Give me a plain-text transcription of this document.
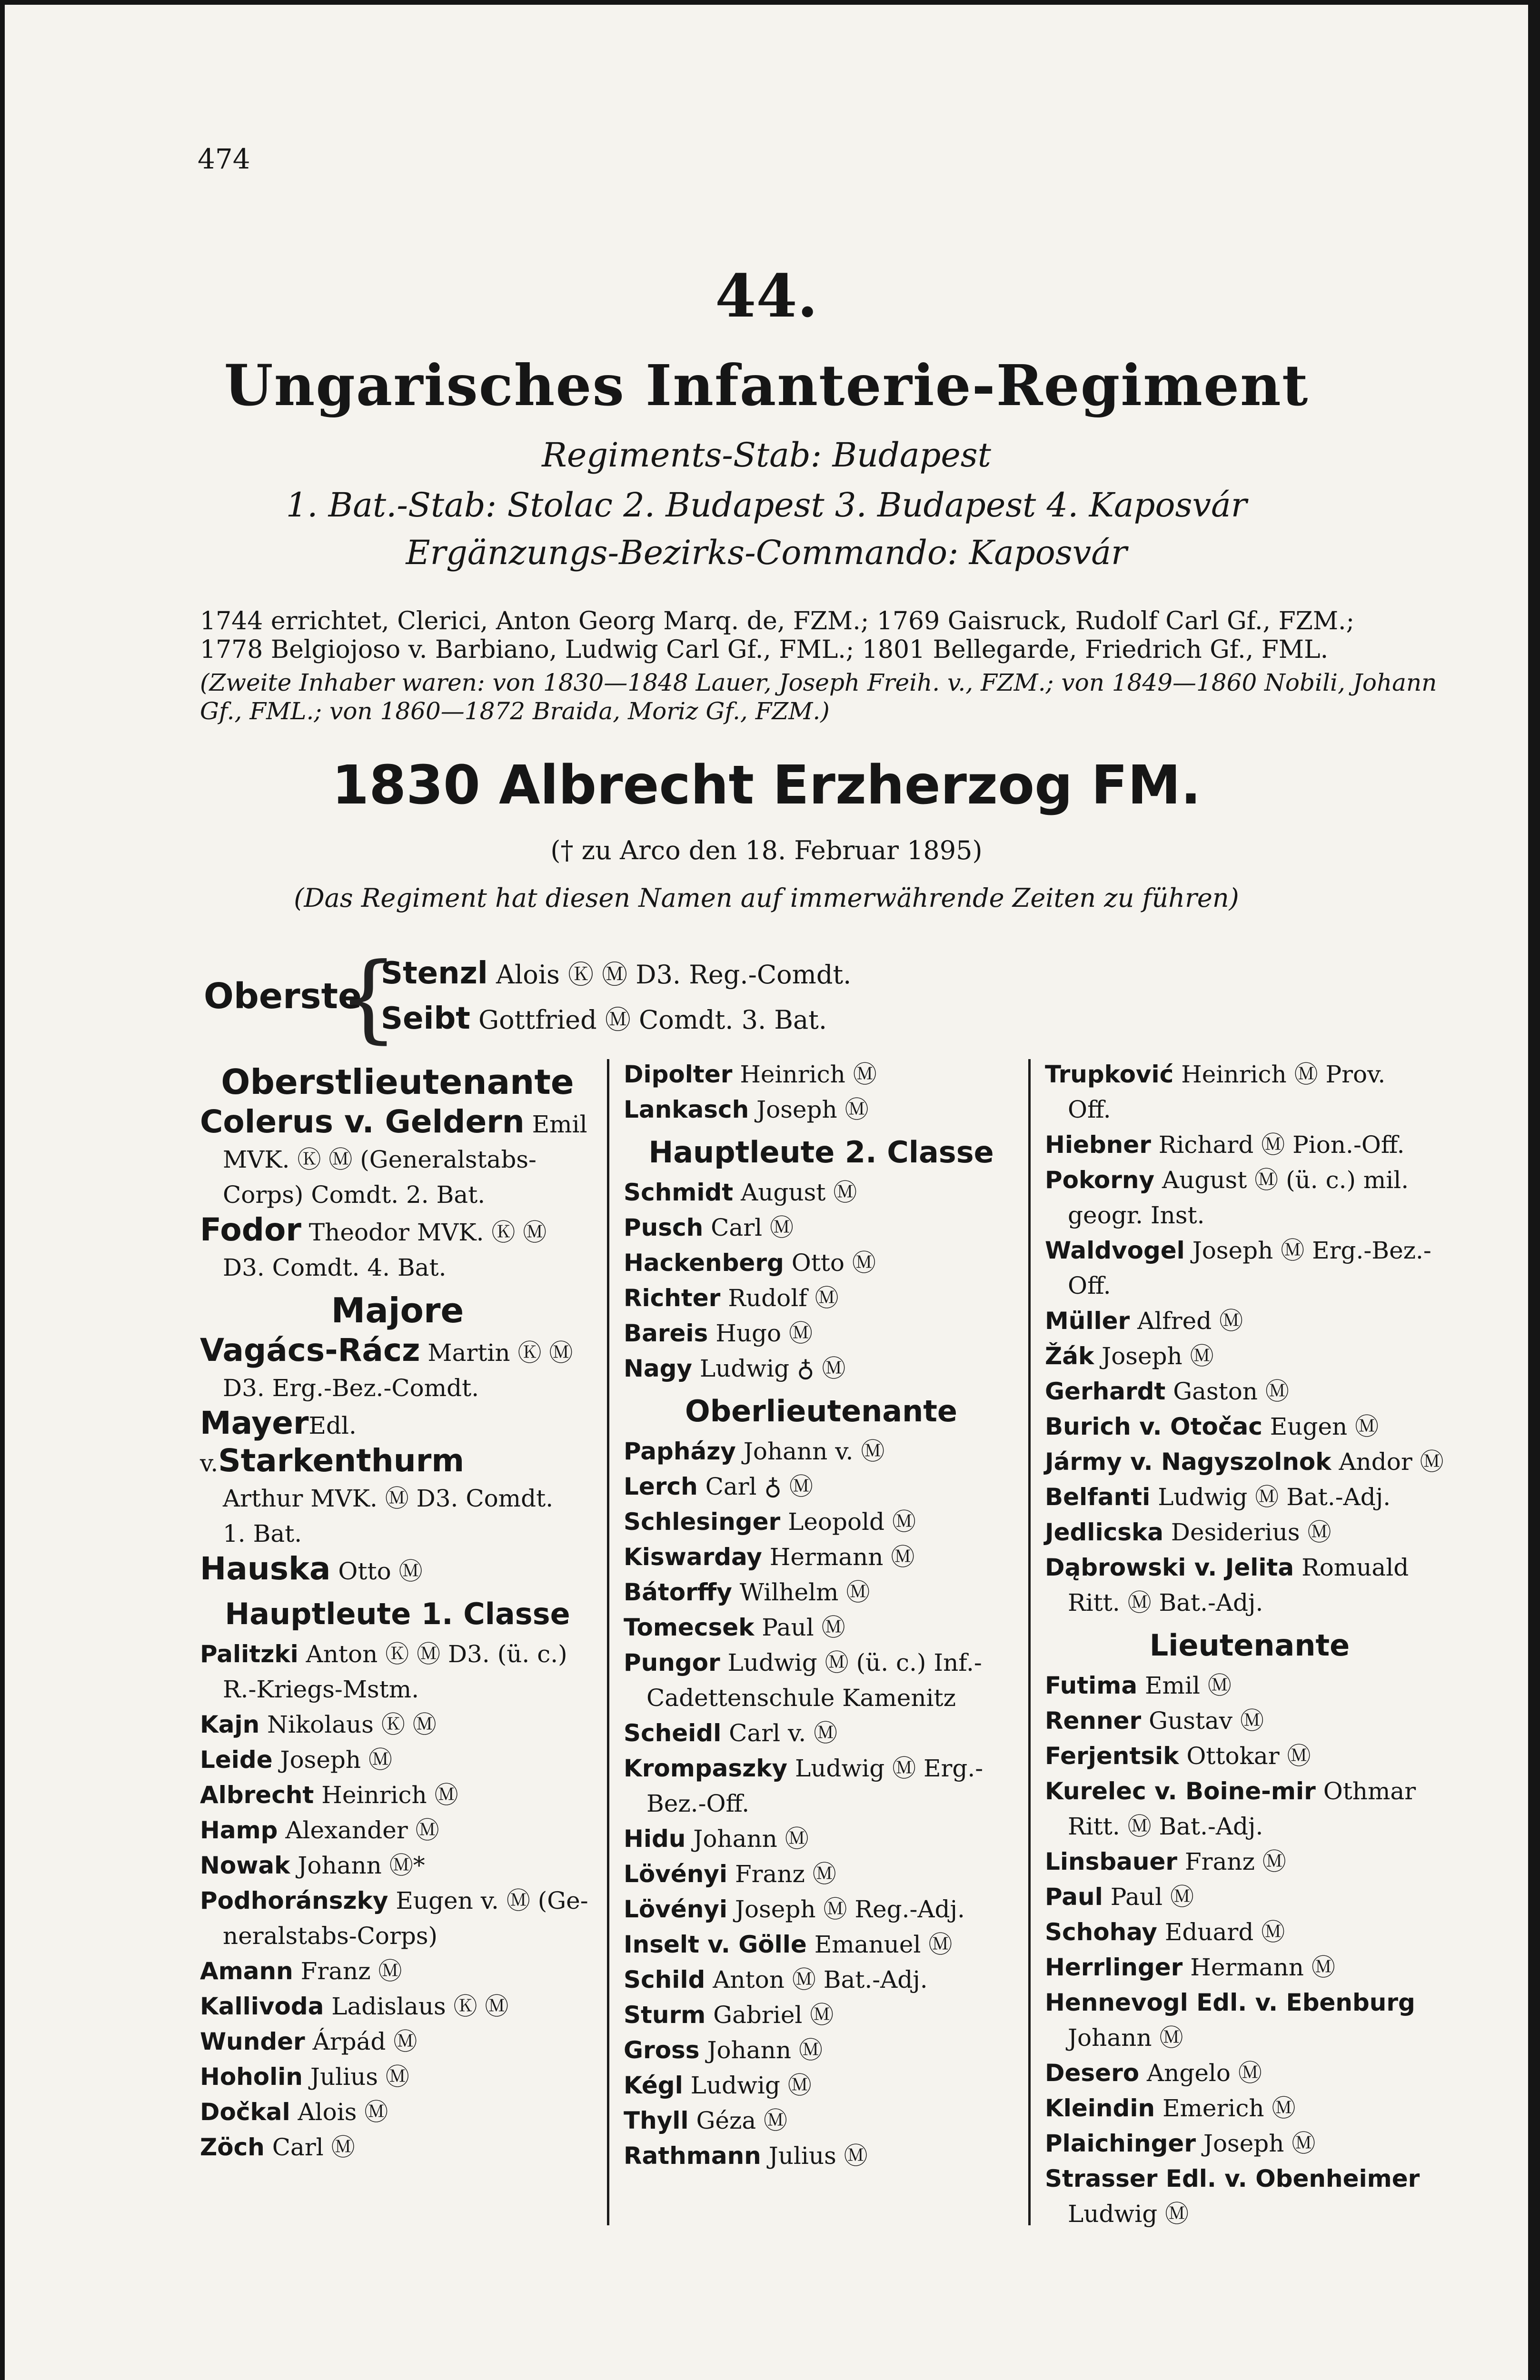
474
44.
Ungarisches Infanterie-Regiment
Regiments-Stab: Budapest
1. Bat.-Stab: Stolac 2. Budapest 3. Budapest 4. Kaposvár
Ergänzungs-Bezirks-Commando: Kaposvár
1744 errichtet, Clerici, Anton Georg Marq. de, FZM.; 1769 Gaisruck, Rudolf Carl Gf., FZM.;
1778 Belgiojoso v. Barbiano, Ludwig Carl Gf., FML.; 1801 Bellegarde, Friedrich Gf., FML.
(Zweite Inhaber waren: von 1830—1848 Lauer, Joseph Freih. v., FZM.; von 1849—1860 Nobili, Johann
Gf., FML.; von 1860—1872 Braida, Moriz Gf., FZM.)
1830 Albrecht Erzherzog FM.
(† zu Arco den 18. Februar 1895)
(Das Regiment hat diesen Namen auf immerwährende Zeiten zu führen)
Oberste
{
Stenzl Alois Ⓚ Ⓜ D3. Reg.-Comdt.
Seibt Gottfried Ⓜ Comdt. 3. Bat.
Oberstlieutenante
Colerus v. Geldern Emil
MVK. Ⓚ Ⓜ (Generalstabs-
Corps) Comdt. 2. Bat.
Fodor Theodor MVK. Ⓚ Ⓜ
D3. Comdt. 4. Bat.
Majore
Vagács-Rácz Martin Ⓚ Ⓜ
D3. Erg.-Bez.-Comdt.
MayerEdl. v.Starkenthurm
Arthur MVK. Ⓜ D3. Comdt.
1. Bat.
Hauska Otto Ⓜ
Hauptleute 1. Classe
Palitzki Anton Ⓚ Ⓜ D3. (ü. c.)
R.-Kriegs-Mstm.
Kajn Nikolaus Ⓚ Ⓜ
Leide Joseph Ⓜ
Albrecht Heinrich Ⓜ
Hamp Alexander Ⓜ
Nowak Johann Ⓜ*
Podhoránszky Eugen v. Ⓜ (Ge-
neralstabs-Corps)
Amann Franz Ⓜ
Kallivoda Ladislaus Ⓚ Ⓜ
Wunder Árpád Ⓜ
Hoholin Julius Ⓜ
Dočkal Alois Ⓜ
Zöch Carl Ⓜ
Dipolter Heinrich Ⓜ
Lankasch Joseph Ⓜ
Hauptleute 2. Classe
Schmidt August Ⓜ
Pusch Carl Ⓜ
Hackenberg Otto Ⓜ
Richter Rudolf Ⓜ
Bareis Hugo Ⓜ
Nagy Ludwig ♁ Ⓜ
Oberlieutenante
Papházy Johann v. Ⓜ
Lerch Carl ♁ Ⓜ
Schlesinger Leopold Ⓜ
Kiswarday Hermann Ⓜ
Bátorffy Wilhelm Ⓜ
Tomecsek Paul Ⓜ
Pungor Ludwig Ⓜ (ü. c.) Inf.-
Cadettenschule Kamenitz
Scheidl Carl v. Ⓜ
Krompaszky Ludwig Ⓜ Erg.-
Bez.-Off.
Hidu Johann Ⓜ
Lövényi Franz Ⓜ
Lövényi Joseph Ⓜ Reg.-Adj.
Inselt v. Gölle Emanuel Ⓜ
Schild Anton Ⓜ Bat.-Adj.
Sturm Gabriel Ⓜ
Gross Johann Ⓜ
Kégl Ludwig Ⓜ
Thyll Géza Ⓜ
Rathmann Julius Ⓜ
Trupković Heinrich Ⓜ Prov.
Off.
Hiebner Richard Ⓜ Pion.-Off.
Pokorny August Ⓜ (ü. c.) mil.
geogr. Inst.
Waldvogel Joseph Ⓜ Erg.-Bez.-
Off.
Müller Alfred Ⓜ
Žák Joseph Ⓜ
Gerhardt Gaston Ⓜ
Burich v. Otočac Eugen Ⓜ
Jármy v. Nagyszolnok Andor Ⓜ
Belfanti Ludwig Ⓜ Bat.-Adj.
Jedlicska Desiderius Ⓜ
Dąbrowski v. Jelita Romuald
Ritt. Ⓜ Bat.-Adj.
Lieutenante
Futima Emil Ⓜ
Renner Gustav Ⓜ
Ferjentsik Ottokar Ⓜ
Kurelec v. Boine-mir Othmar
Ritt. Ⓜ Bat.-Adj.
Linsbauer Franz Ⓜ
Paul Paul Ⓜ
Schohay Eduard Ⓜ
Herrlinger Hermann Ⓜ
Hennevogl Edl. v. Ebenburg
Johann Ⓜ
Desero Angelo Ⓜ
Kleindin Emerich Ⓜ
Plaichinger Joseph Ⓜ
Strasser Edl. v. Obenheimer
Ludwig Ⓜ
